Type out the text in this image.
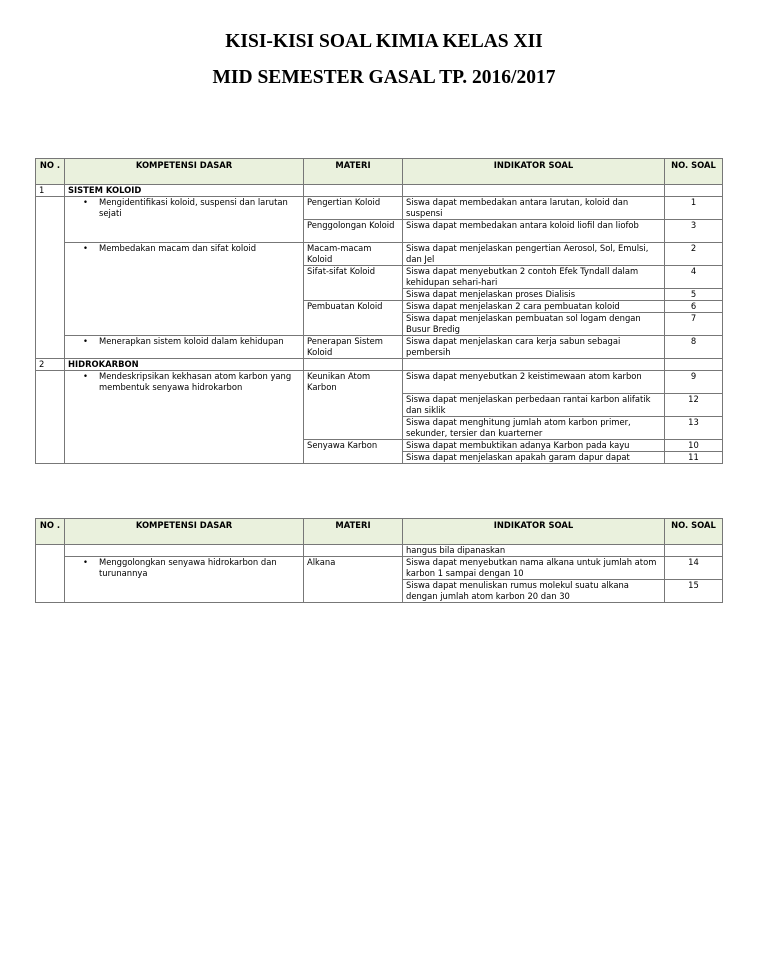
KISI-KISI SOAL KIMIA KELAS XII
MID SEMESTER GASAL TP. 2016/2017
NO .	KOMPETENSI DASAR	MATERI	INDIKATOR SOAL	NO. SOAL
1	SISTEM KOLOID			

	• Mengidentifikasi koloid, suspensi dan larutan sejati	Pengertian Koloid	Siswa dapat membedakan antara larutan, koloid dan suspensi	1
		Penggolongan Koloid	Siswa dapat membedakan antara koloid liofil dan liofob	3

	• Membedakan macam dan sifat koloid	Macam-macam Koloid	Siswa dapat menjelaskan pengertian Aerosol, Sol, Emulsi, dan Jel	2
		Sifat-sifat Koloid	Siswa dapat menyebutkan 2 contoh Efek Tyndall dalam kehidupan sehari-hari	4
			Siswa dapat menjelaskan proses Dialisis	5
		Pembuatan Koloid	Siswa dapat menjelaskan 2 cara pembuatan koloid	6
			Siswa dapat menjelaskan pembuatan sol logam dengan Busur Bredig	7

	• Menerapkan sistem koloid dalam kehidupan	Penerapan Sistem Koloid	Siswa dapat menjelaskan cara kerja sabun sebagai pembersih	8
2	HIDROKARBON			

	• Mendeskripsikan kekhasan atom karbon yang membentuk senyawa hidrokarbon	Keunikan Atom Karbon	Siswa dapat menyebutkan 2 keistimewaan atom karbon	9
			Siswa dapat menjelaskan perbedaan rantai karbon alifatik dan siklik	12
			Siswa dapat menghitung jumlah atom karbon primer, sekunder, tersier dan kuarterner	13
		Senyawa Karbon	Siswa dapat membuktikan adanya Karbon pada kayu	10
			Siswa dapat menjelaskan apakah garam dapur dapat	11
NO .	KOMPETENSI DASAR	MATERI	INDIKATOR SOAL	NO. SOAL
			hangus bila dipanaskan	

	• Menggolongkan senyawa hidrokarbon dan turunannya	Alkana	Siswa dapat menyebutkan nama alkana untuk jumlah atom karbon 1 sampai dengan 10	14
			Siswa dapat menuliskan rumus molekul suatu alkana dengan jumlah atom karbon 20 dan 30	15
